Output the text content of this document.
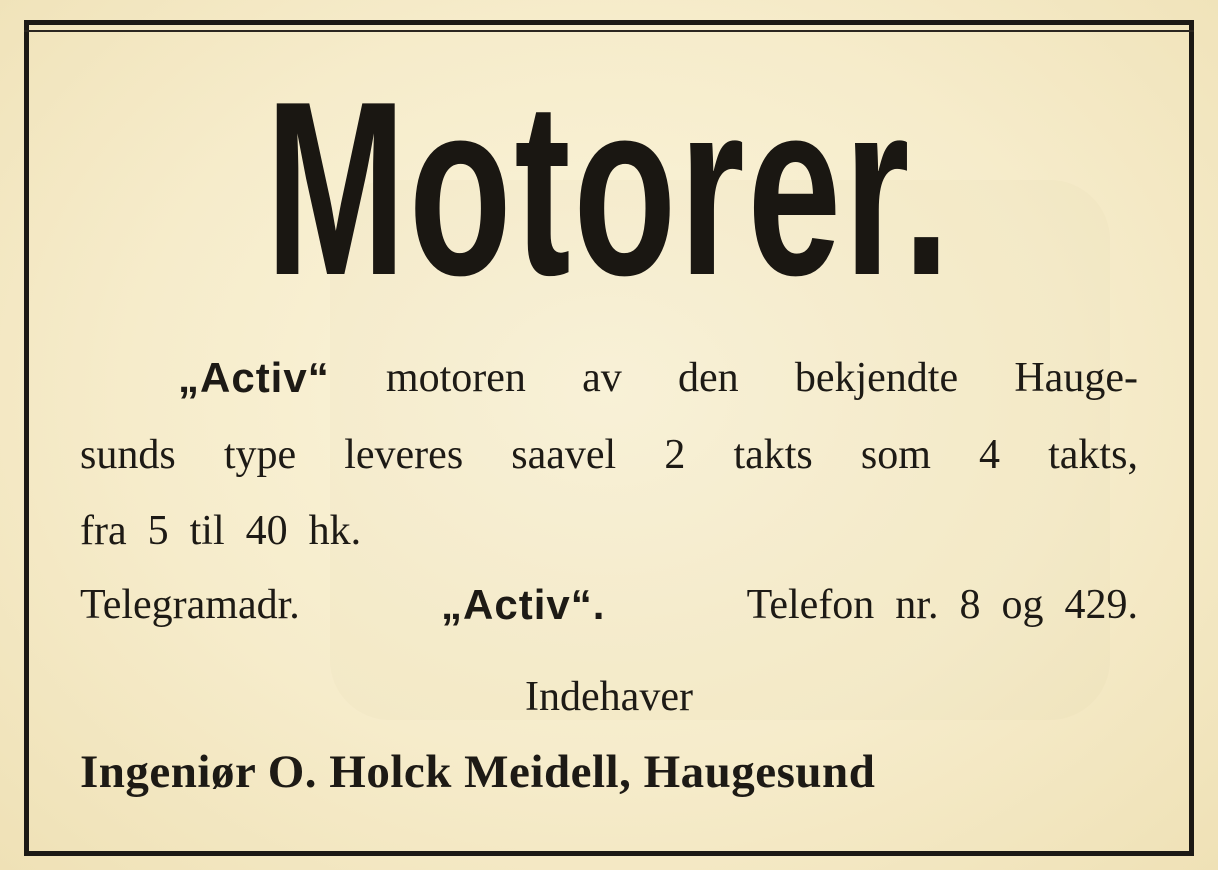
Motorer.
„Activ“ motoren av den bekjendte Hauge-
sunds type leveres saavel 2 takts som 4 takts,
fra  5  til  40  hk.
Telegramadr.	„Activ“.	Telefon  nr.  8  og  429.
Indehaver
Ingeniør O. Holck Meidell, Haugesund
